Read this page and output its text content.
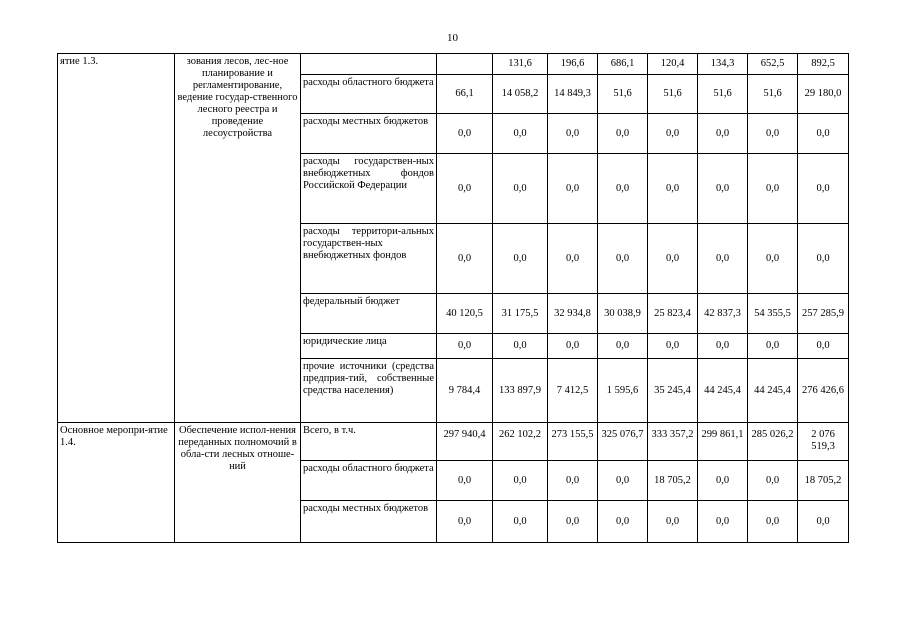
10
ятие 1.3.	зования лесов, лес-ное планирование и регламентирование, ведение государ-ственного лесного реестра и проведение лесоустройства			131,6	196,6	686,1	120,4	134,3	652,5	892,5
		расходы областного бюджета	66,1	14 058,2	14 849,3	51,6	51,6	51,6	51,6	29 180,0
		расходы местных бюджетов	0,0	0,0	0,0	0,0	0,0	0,0	0,0	0,0
		расходы государствен-ных внебюджетных фондов Российской Федерации	0,0	0,0	0,0	0,0	0,0	0,0	0,0	0,0
		расходы территори-альных государствен-ных внебюджетных фондов	0,0	0,0	0,0	0,0	0,0	0,0	0,0	0,0
		федеральный бюджет	40 120,5	31 175,5	32 934,8	30 038,9	25 823,4	42 837,3	54 355,5	257 285,9
		юридические лица	0,0	0,0	0,0	0,0	0,0	0,0	0,0	0,0
		прочие источники (средства предприя-тий, собственные средства населения)	9 784,4	133 897,9	7 412,5	1 595,6	35 245,4	44 245,4	44 245,4	276 426,6
Основное меропри-ятие 1.4.	Обеспечение испол-нения переданных полномочий в обла-сти лесных отноше-ний	Всего, в т.ч.	297 940,4	262 102,2	273 155,5	325 076,7	333 357,2	299 861,1	285 026,2	2 076 519,3
		расходы областного бюджета	0,0	0,0	0,0	0,0	18 705,2	0,0	0,0	18 705,2
		расходы местных бюджетов	0,0	0,0	0,0	0,0	0,0	0,0	0,0	0,0
